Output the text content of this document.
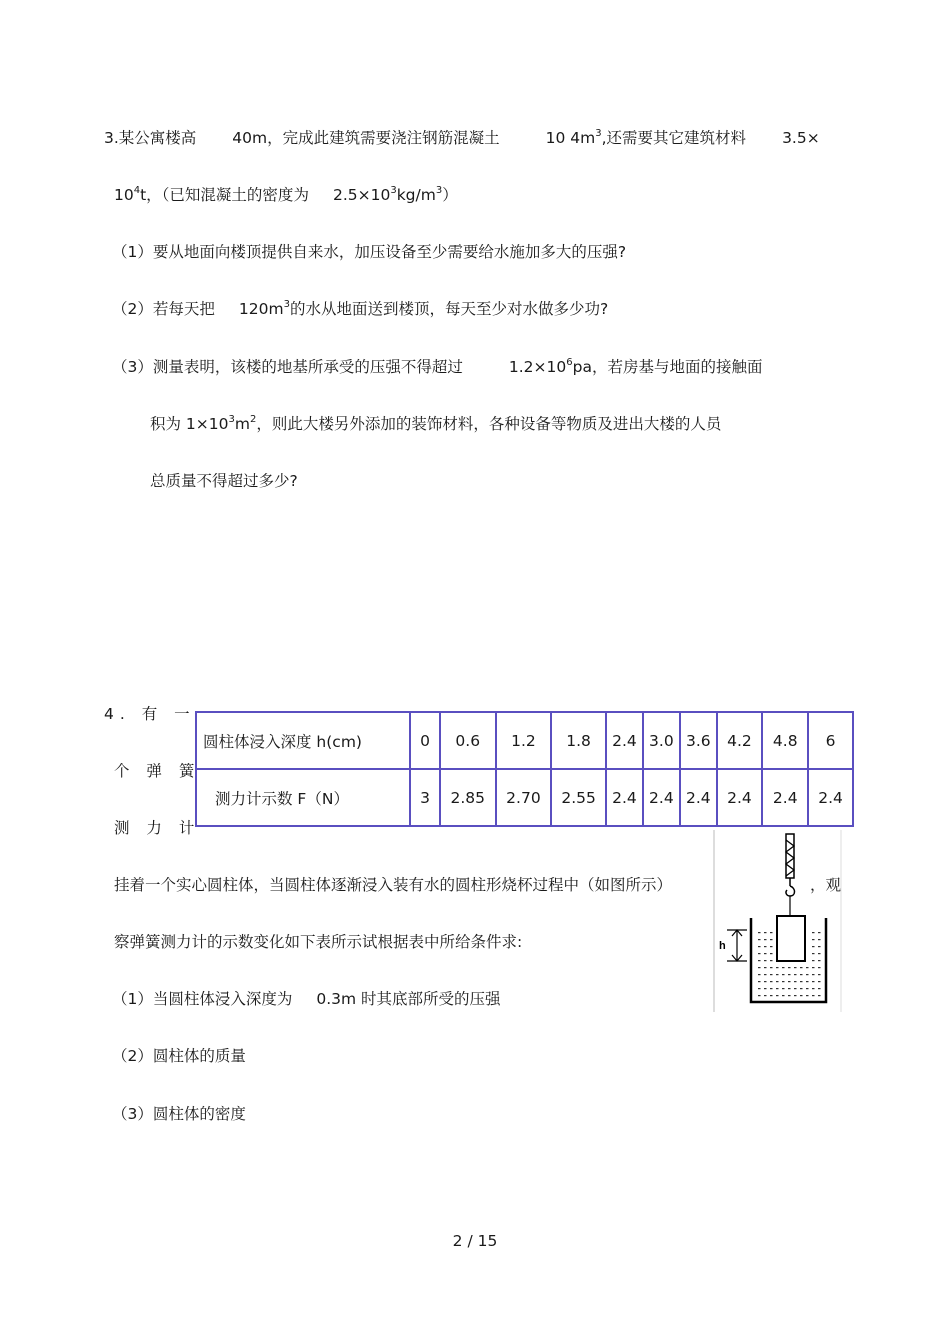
3.某公寓楼高 40m，完成此建筑需要浇注钢筋混凝土	10 $4m^3$,还需要其它建筑材料 3.5×
$10^4t$，（已知混凝土的密度为 $2.5\times 10^3kg/m^3$）
（1）要从地面向楼顶提供自来水，加压设备至少需要给水施加多大的压强?
（2）若每天把 $120m^3$的水从地面送到楼顶，每天至少对水做多少功?
（3）测量表明，该楼的地基所承受的压强不得超过	$1.2\times 10^6pa$，若房基与地面的接触面
积为 $1\times 10^3m^2$，则此大楼另外添加的装饰材料，各种设备等物质及进出大楼的人员
总质量不得超过多少?
4. 有 一
个 弹 簧
测 力 计
圆柱体浸入深度 h(cm)	0	0.6	1.2	1.8	2.4	3.0	3.6	4.2	4.8	6
测力计示数 F（N）	3	2.85	2.70	2.55	2.4	2.4	2.4	2.4	2.4	2.4
h
挂着一个实心圆柱体，当圆柱体逐渐浸入装有水的圆柱形烧杯过程中（如图所示）	，观
察弹簧测力计的示数变化如下表所示试根据表中所给条件求:
（1）当圆柱体浸入深度为 0.3m 时其底部所受的压强
（2）圆柱体的质量
（3）圆柱体的密度
2 / 15
